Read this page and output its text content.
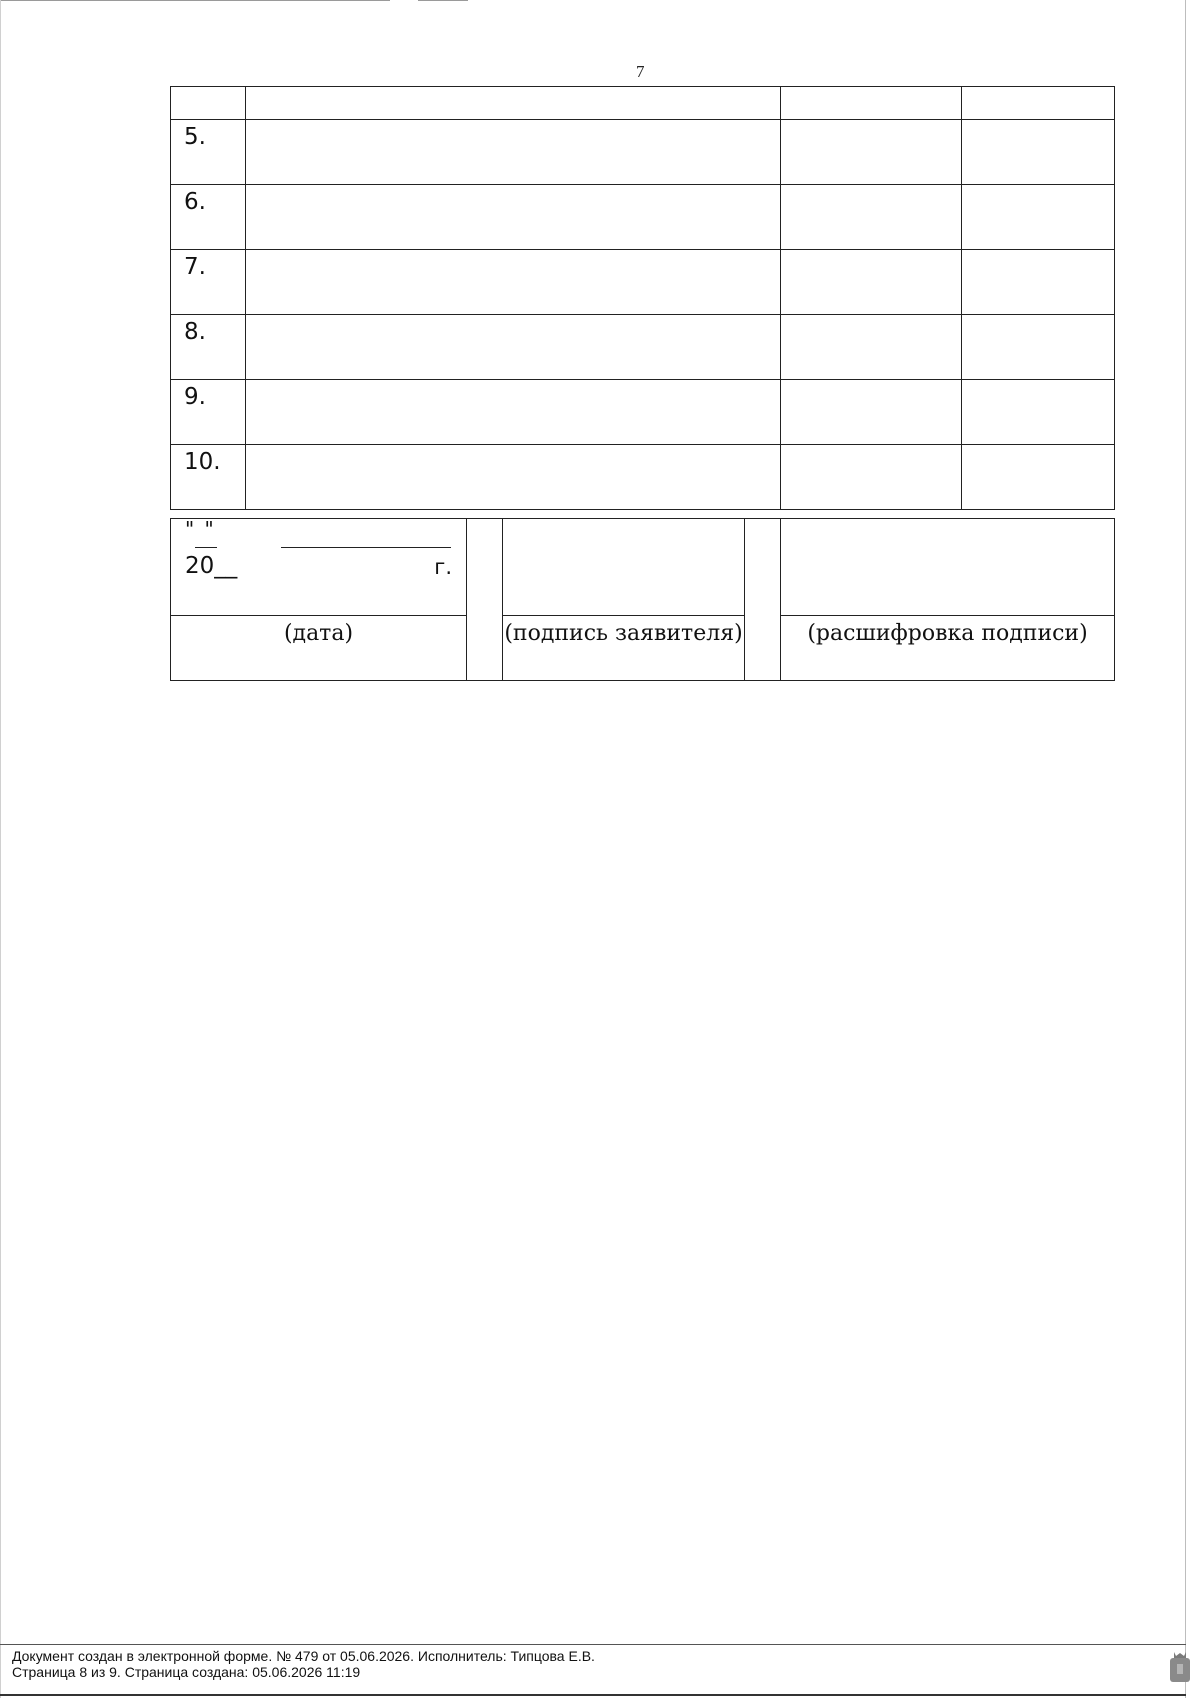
7

5.			

6.			

7.			

8.			

9.			

10.			

" "
20__ г.				

(дата)		(подпись заявителя)		(расшифровка подписи)
Документ создан в электронной форме. № 479 от 05.06.2026. Исполнитель: Типцова Е.В.
Страница 8 из 9. Страница создана: 05.06.2026 11:19
